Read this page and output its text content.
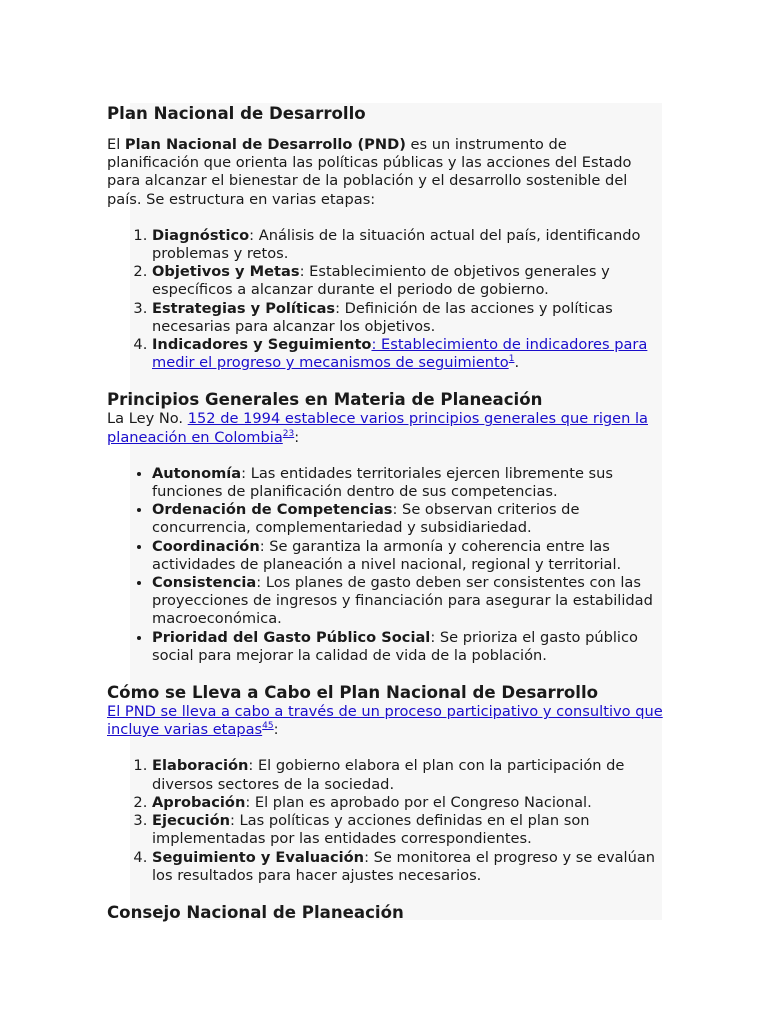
Plan Nacional de Desarrollo

El Plan Nacional de Desarrollo (PND) es un instrumento de planificación que orienta las políticas públicas y las acciones del Estado para alcanzar el bienestar de la población y el desarrollo sostenible del país. Se estructura en varias etapas:

1. Diagnóstico: Análisis de la situación actual del país, identificando problemas y retos.
2. Objetivos y Metas: Establecimiento de objetivos generales y específicos a alcanzar durante el periodo de gobierno.
3. Estrategias y Políticas: Definición de las acciones y políticas necesarias para alcanzar los objetivos.
4. Indicadores y Seguimiento: Establecimiento de indicadores para medir el progreso y mecanismos de seguimiento$^1$.
Principios Generales en Materia de Planeación

La Ley No. 152 de 1994 establece varios principios generales que rigen la planeación en Colombia$^{23}$:

• Autonomía: Las entidades territoriales ejercen libremente sus funciones de planificación dentro de sus competencias.
• Ordenación de Competencias: Se observan criterios de concurrencia, complementariedad y subsidiariedad.
• Coordinación: Se garantiza la armonía y coherencia entre las actividades de planeación a nivel nacional, regional y territorial.
• Consistencia: Los planes de gasto deben ser consistentes con las proyecciones de ingresos y financiación para asegurar la estabilidad macroeconómica.
• Prioridad del Gasto Público Social: Se prioriza el gasto público social para mejorar la calidad de vida de la población.
Cómo se Lleva a Cabo el Plan Nacional de Desarrollo

El PND se lleva a cabo a través de un proceso participativo y consultivo que incluye varias etapas$^{45}$:

1. Elaboración: El gobierno elabora el plan con la participación de diversos sectores de la sociedad.
2. Aprobación: El plan es aprobado por el Congreso Nacional.
3. Ejecución: Las políticas y acciones definidas en el plan son implementadas por las entidades correspondientes.
4. Seguimiento y Evaluación: Se monitorea el progreso y se evalúan los resultados para hacer ajustes necesarios.
Consejo Nacional de Planeación
